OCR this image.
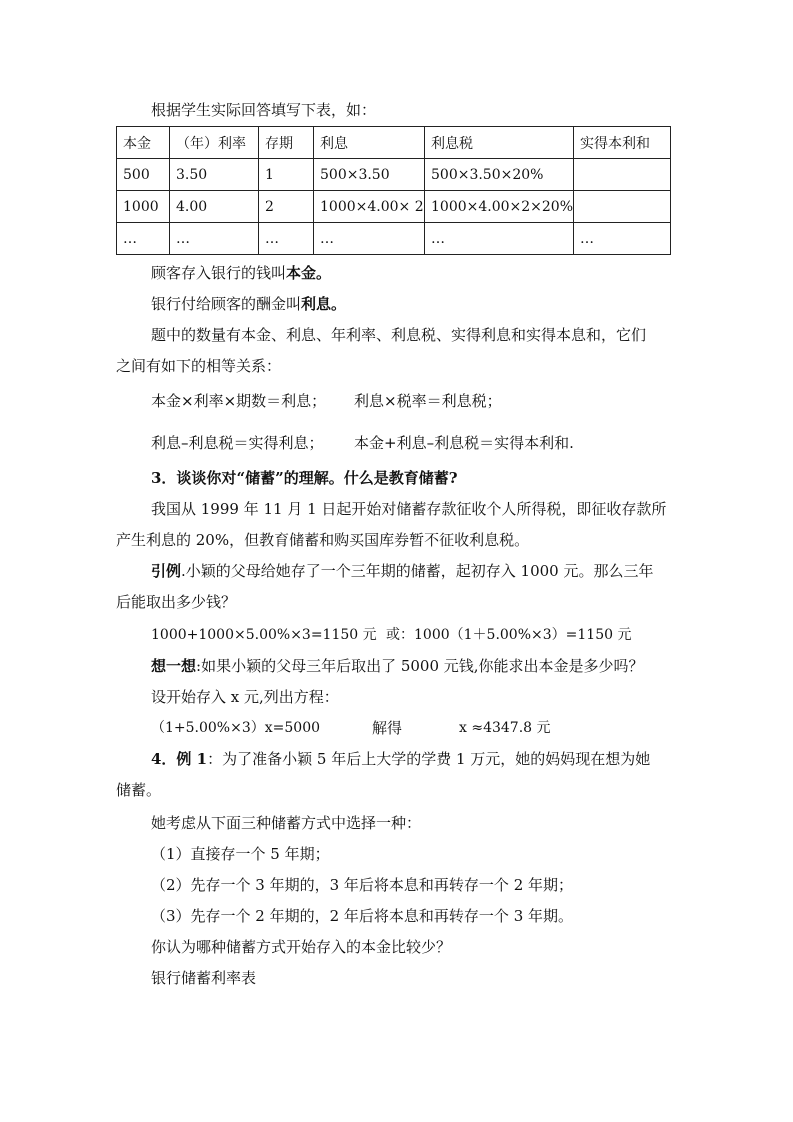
根据学生实际回答填写下表，如：
本金	（年）利率	存期	利息	利息税	实得本利和
500	3.50	1	500×3.50	500×3.50×20%	
1000	4.00	2	1000×4.00× 2	1000×4.00×2×20%	
…	…	…	…	…	…
顾客存入银行的钱叫本金。
银行付给顾客的酬金叫利息。
题中的数量有本金、利息、年利率、利息税、实得利息和实得本息和，它们
之间有如下的相等关系：
本金×利率×期数＝利息； 利息×税率＝利息税；
利息–利息税＝实得利息； 本金+利息–利息税＝实得本利和.
3．谈谈你对“储蓄”的理解。什么是教育储蓄?
我国从 1999 年 11 月 1 日起开始对储蓄存款征收个人所得税，即征收存款所
产生利息的 20%，但教育储蓄和购买国库券暂不征收利息税。
引例.小颖的父母给她存了一个三年期的储蓄，起初存入 1000 元。那么三年
后能取出多少钱？
1000+1000×5.00%×3=1150 元 或：1000（1＋5.00%×3）=1150 元
想一想:如果小颖的父母三年后取出了 5000 元钱,你能求出本金是多少吗？
设开始存入 x 元,列出方程：
（1+5.00%×3）x=5000	解得	x ≈4347.8 元
4．例 1：为了准备小颖 5 年后上大学的学费 1 万元，她的妈妈现在想为她
储蓄。
她考虑从下面三种储蓄方式中选择一种：
（1）直接存一个 5 年期；
（2）先存一个 3 年期的，3 年后将本息和再转存一个 2 年期；
（3）先存一个 2 年期的，2 年后将本息和再转存一个 3 年期。
你认为哪种储蓄方式开始存入的本金比较少？
银行储蓄利率表
